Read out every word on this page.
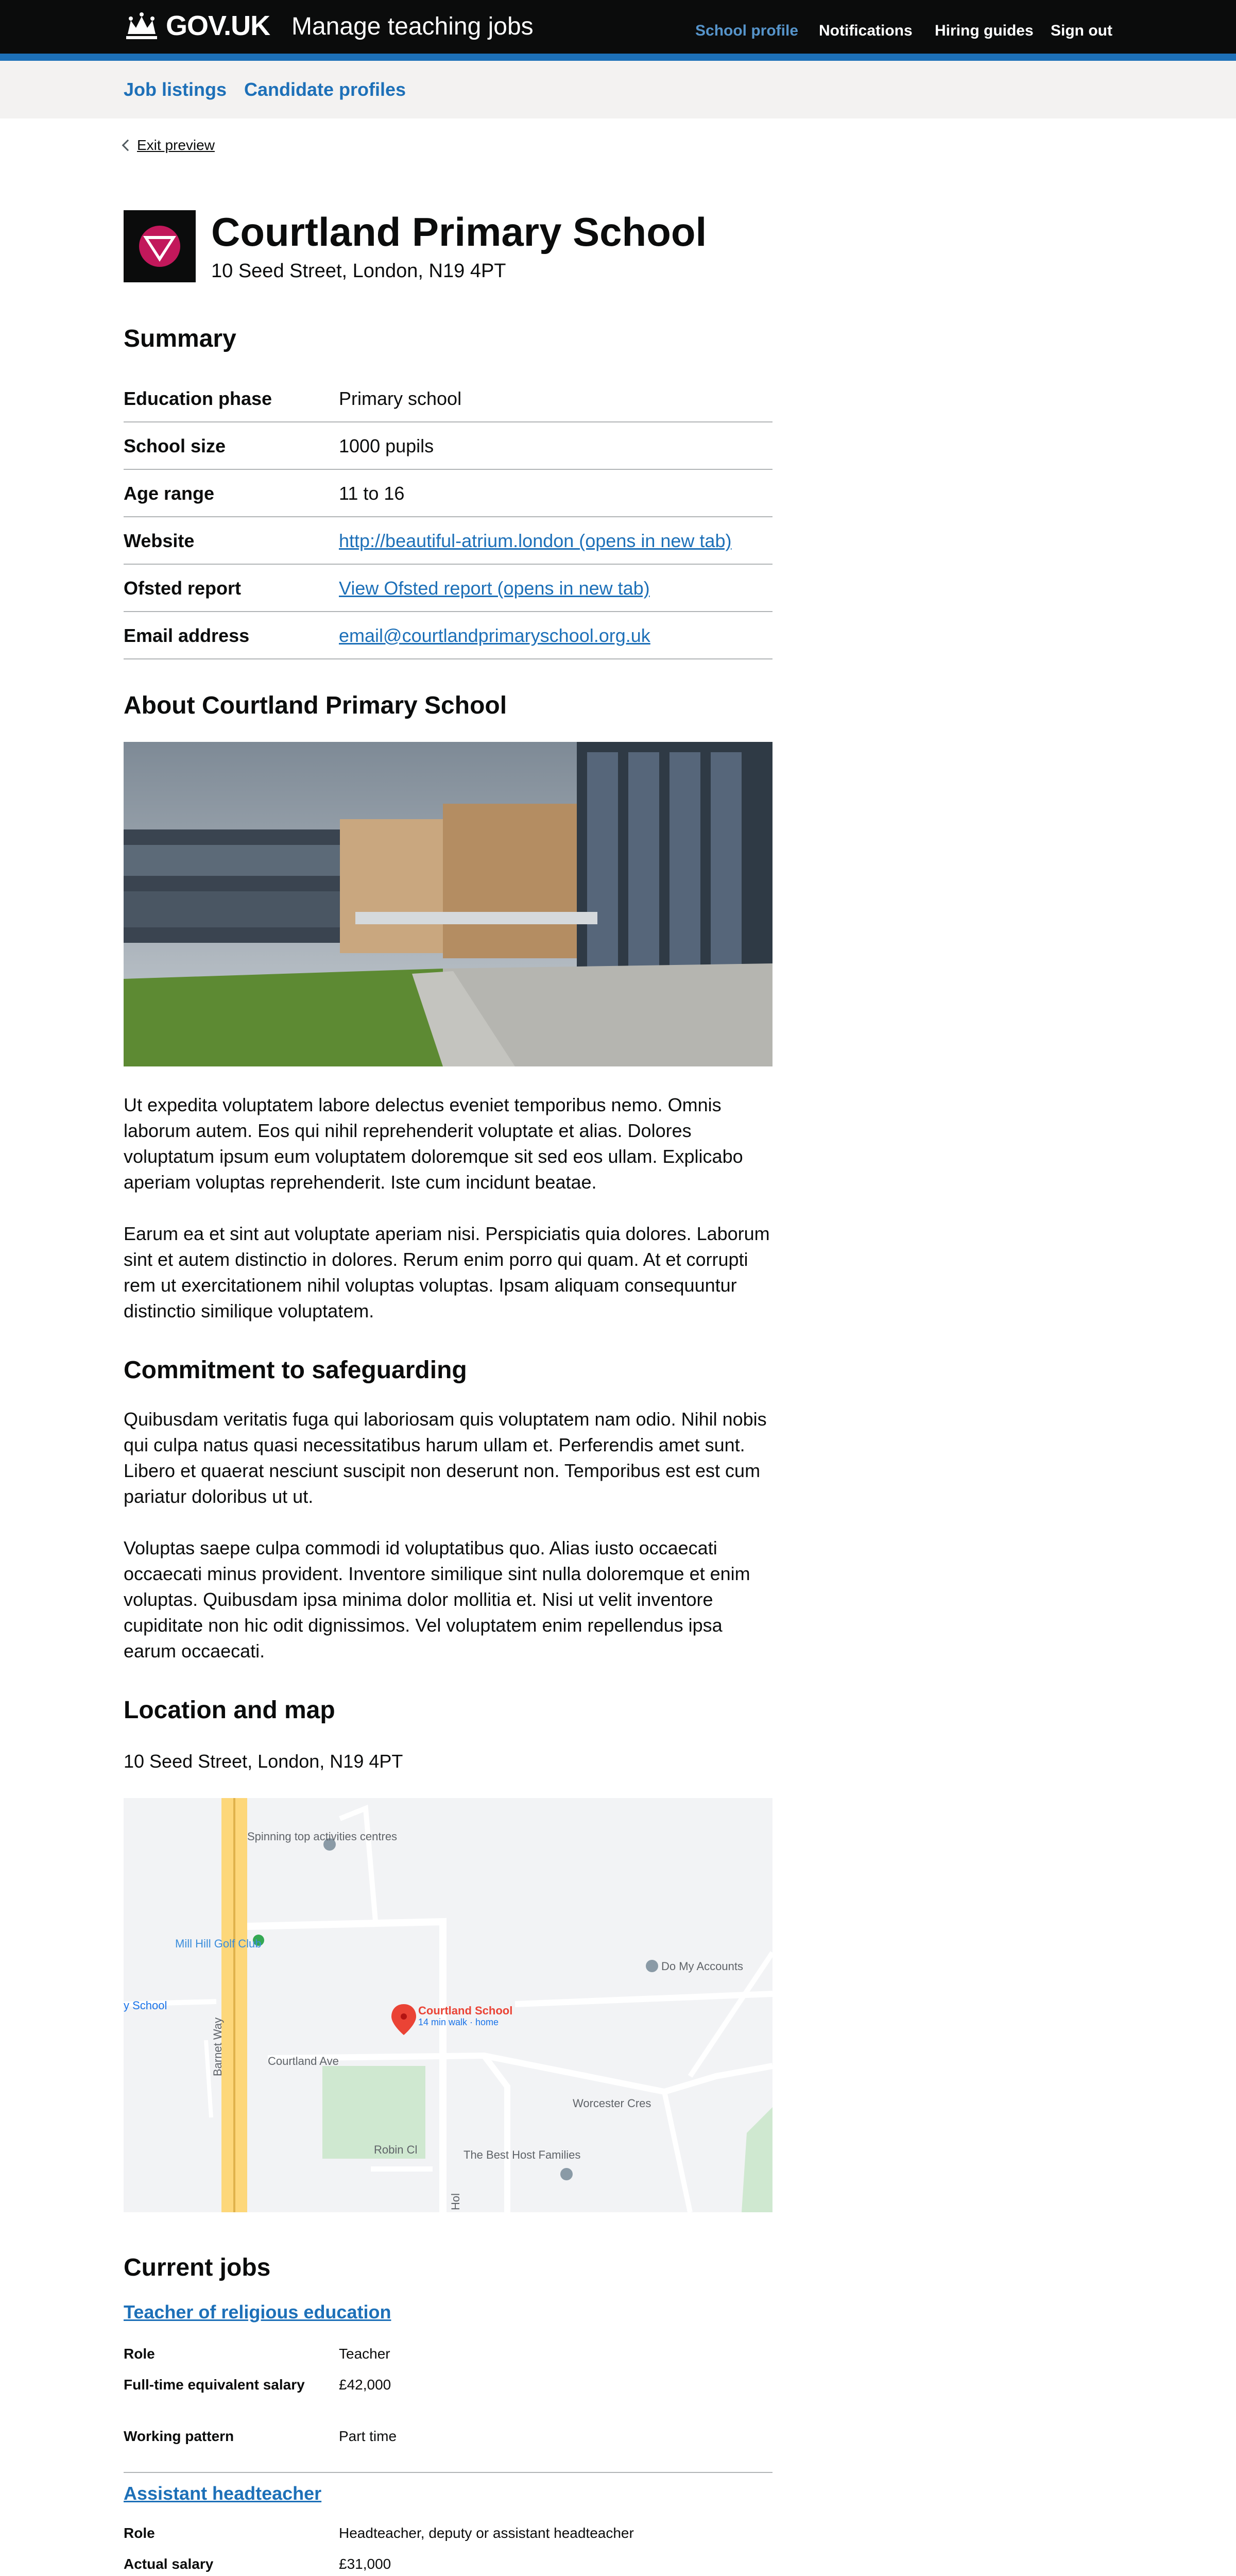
GOV.UK Manage teaching jobs	School profile Notifications Hiring guides Sign out
Job listings Candidate profiles
Exit preview
Courtland Primary School
10 Seed Street, London, N19 4PT
Summary
Education phase	Primary school
School size	1000 pupils
Age range	11 to 16
Website	http://beautiful-atrium.london (opens in new tab)
Ofsted report	View Ofsted report (opens in new tab)
Email address	email@courtlandprimaryschool.org.uk
About Courtland Primary School

Ut expedita voluptatem labore delectus eveniet temporibus nemo. Omnis laborum autem. Eos qui nihil reprehenderit voluptate et alias. Dolores voluptatum ipsum eum voluptatem doloremque sit sed eos ullam. Explicabo aperiam voluptas reprehenderit. Iste cum incidunt beatae.

Earum ea et sint aut voluptate aperiam nisi. Perspiciatis quia dolores. Laborum sint et autem distinctio in dolores. Rerum enim porro qui quam. At et corrupti rem ut exercitationem nihil voluptas voluptas. Ipsam aliquam consequuntur distinctio similique voluptatem.

Commitment to safeguarding

Quibusdam veritatis fuga qui laboriosam quis voluptatem nam odio. Nihil nobis qui culpa natus quasi necessitatibus harum ullam et. Perferendis amet sunt. Libero et quaerat nesciunt suscipit non deserunt non. Temporibus est est cum pariatur doloribus ut ut.

Voluptas saepe culpa commodi id voluptatibus quo. Alias iusto occaecati occaecati minus provident. Inventore similique sint nulla doloremque et enim voluptas. Quibusdam ipsa minima dolor mollitia et. Nisi ut velit inventore cupiditate non hic odit dignissimos. Vel voluptatem enim repellendus ipsa earum occaecati.

Location and map
10 Seed Street, London, N19 4PT
Spinning top activities centres
Mill Hill Golf Club
y School	Courtland School
14 min walk · home
Do My Accounts
Barnet Way	Courtland Ave
Worcester Cres
Robin Cl	The Best Host Families
Hol
Current jobs
Teacher of religious education
Role	Teacher
Full-time equivalent salary £42,000
Working pattern	Part time
Assistant headteacher
Role	Headteacher, deputy or assistant headteacher
Actual salary	£31,000
